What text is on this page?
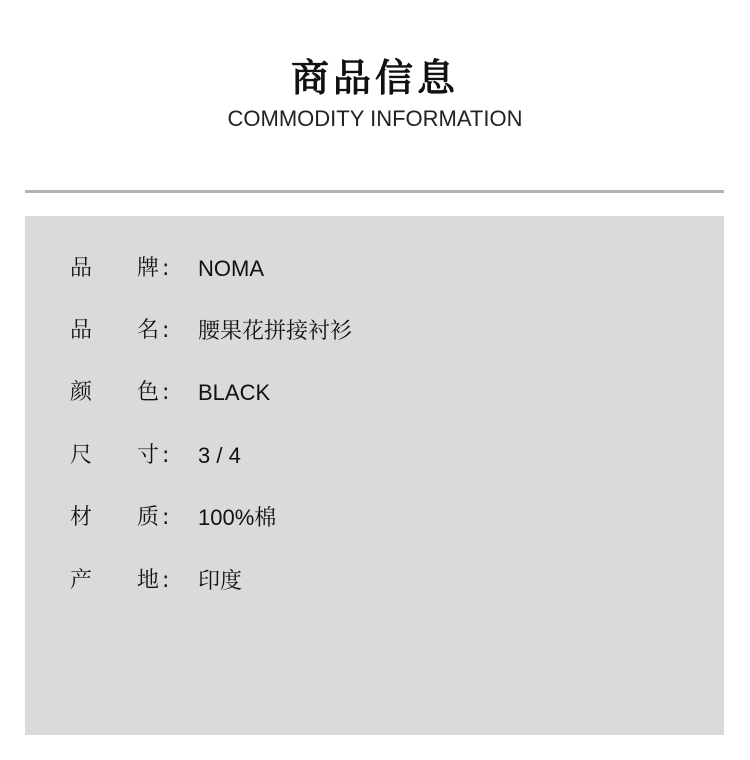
商品信息
COMMODITY INFORMATION
品	牌 :	NOMA
品	名 :	腰果花拼接衬衫
颜	色 :	BLACK
尺	寸 :	3 / 4
材	质 :	100%棉
产	地 :	印度
